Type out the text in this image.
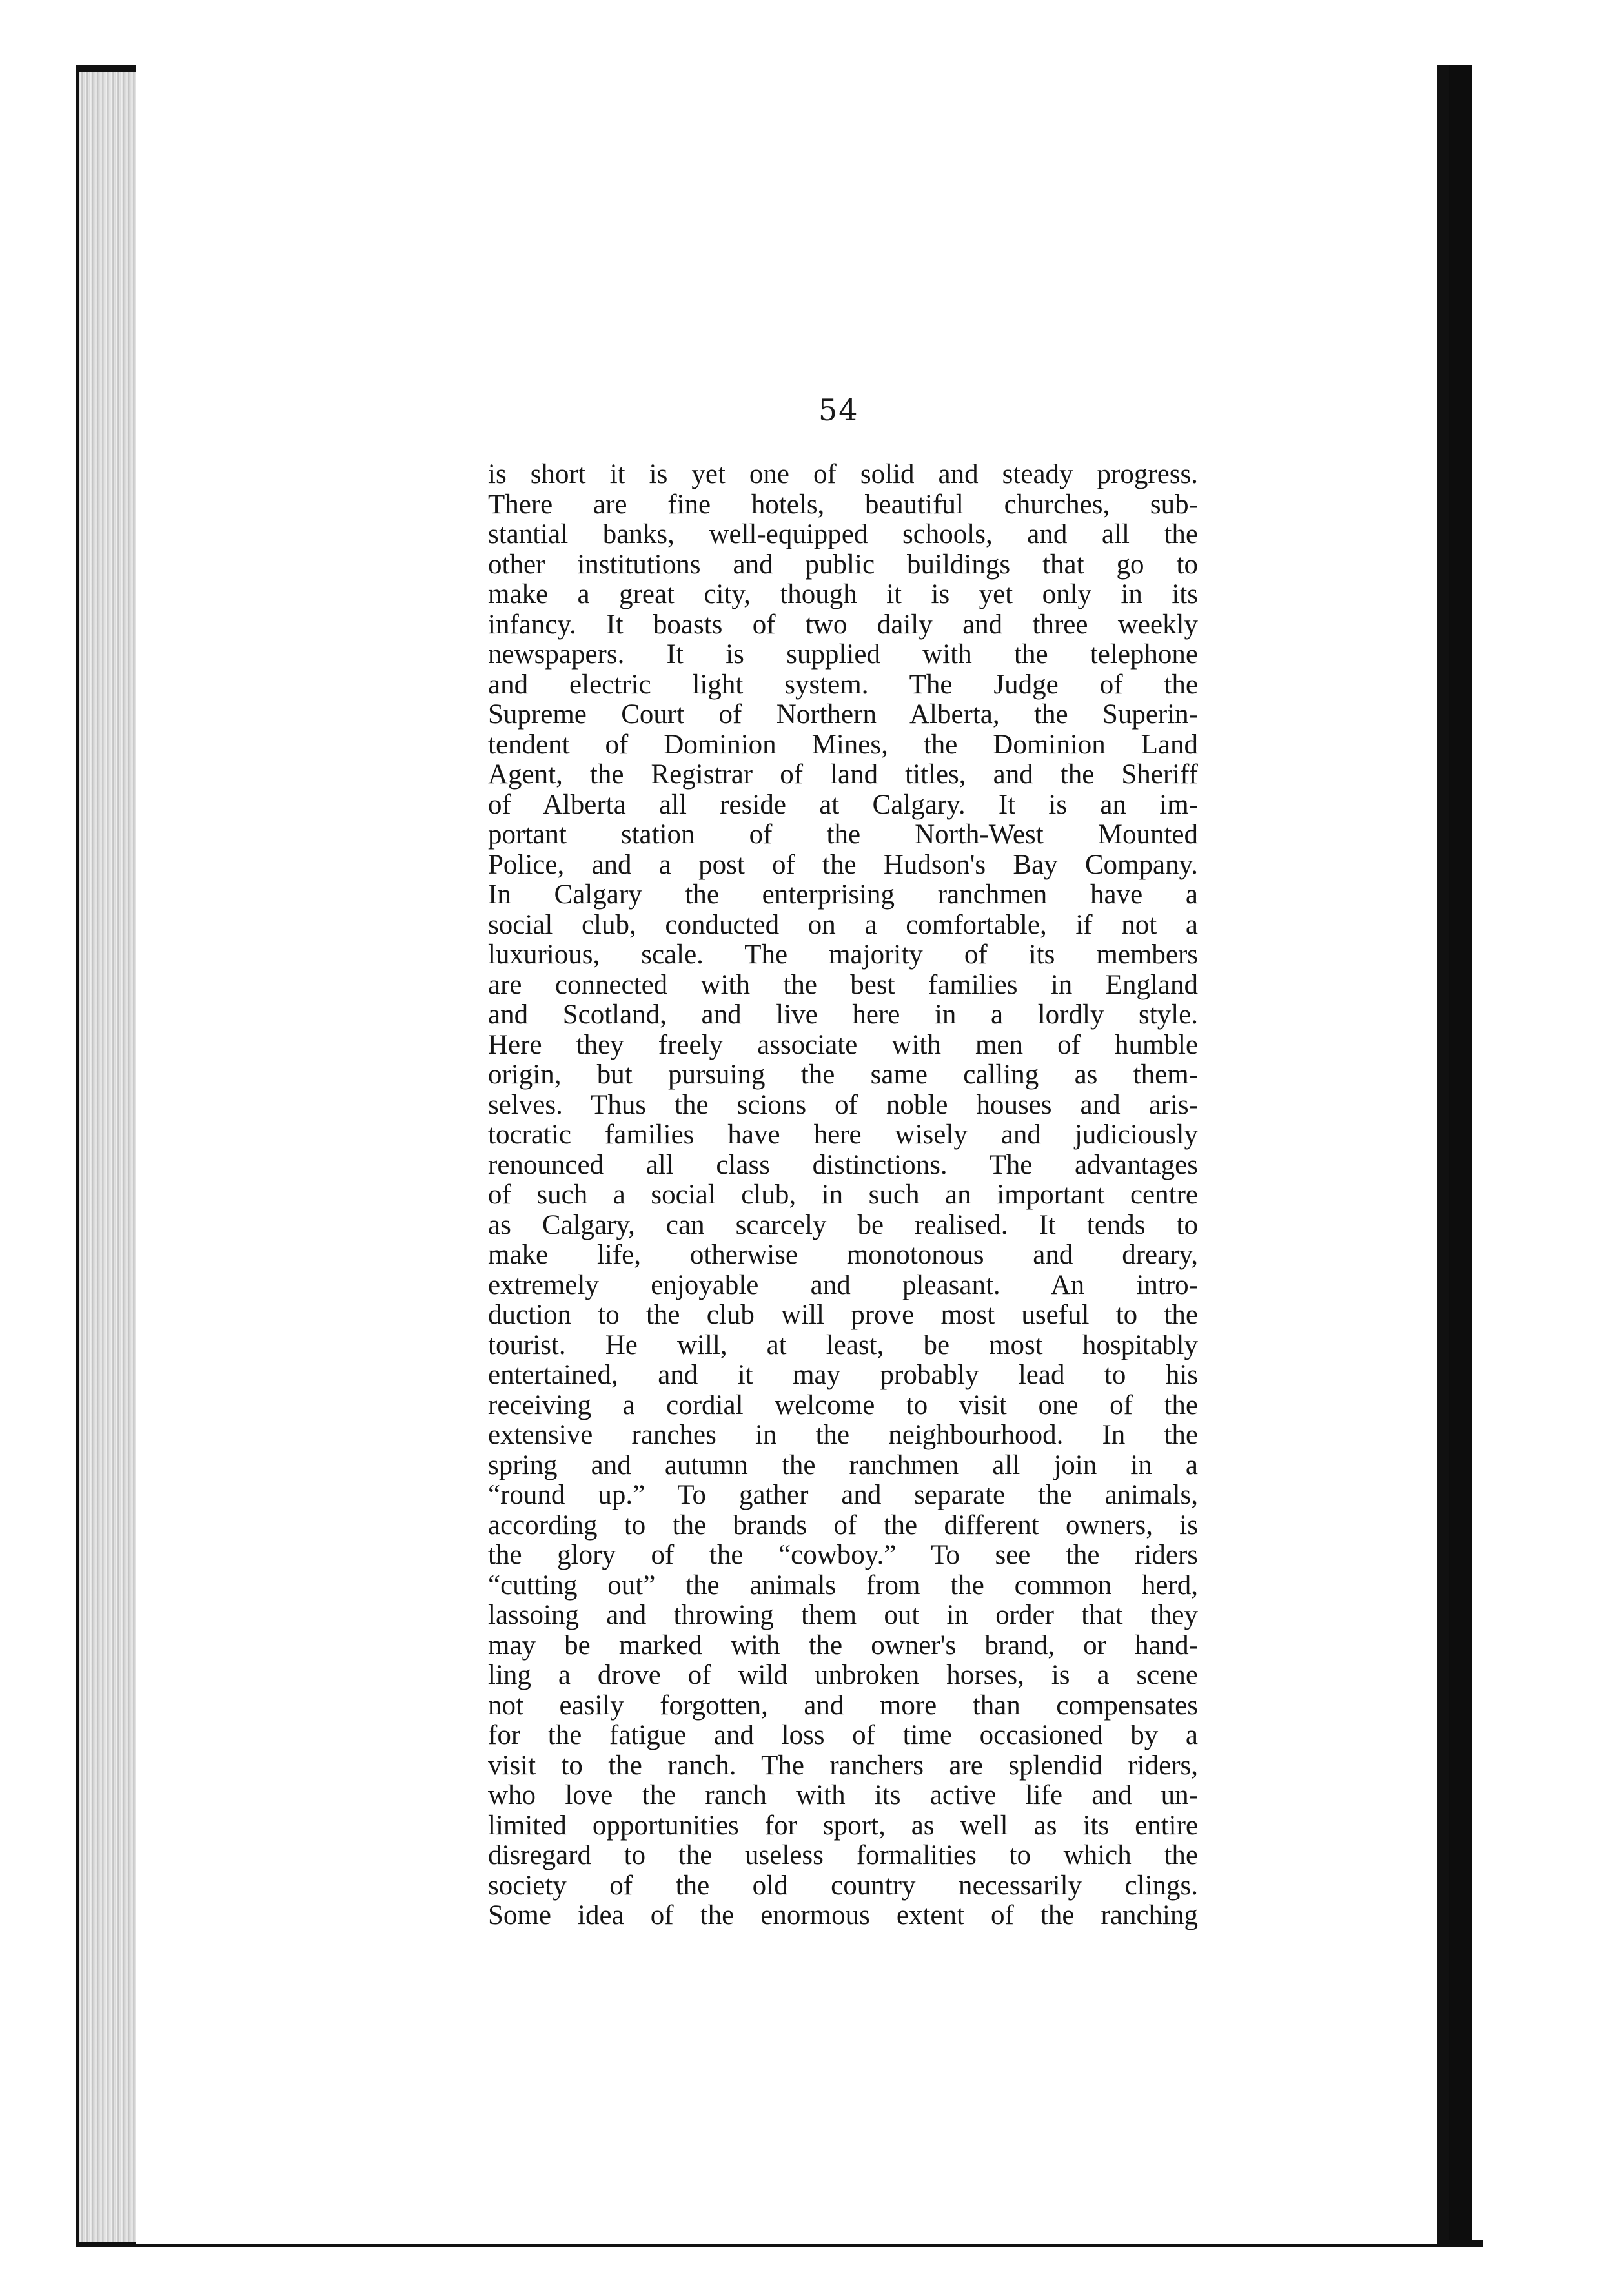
54
is short it is yet one of solid and steady progress.
There are fine hotels, beautiful churches, sub-
stantial banks, well-equipped schools, and all the
other institutions and public buildings that go to
make a great city, though it is yet only in its
infancy. It boasts of two daily and three weekly
newspapers. It is supplied with the telephone
and electric light system. The Judge of the
Supreme Court of Northern Alberta, the Superin-
tendent of Dominion Mines, the Dominion Land
Agent, the Registrar of land titles, and the Sheriff
of Alberta all reside at Calgary. It is an im-
portant station of the North-West Mounted
Police, and a post of the Hudson's Bay Company.
In Calgary the enterprising ranchmen have a
social club, conducted on a comfortable, if not a
luxurious, scale. The majority of its members
are connected with the best families in England
and Scotland, and live here in a lordly style.
Here they freely associate with men of humble
origin, but pursuing the same calling as them-
selves. Thus the scions of noble houses and aris-
tocratic families have here wisely and judiciously
renounced all class distinctions. The advantages
of such a social club, in such an important centre
as Calgary, can scarcely be realised. It tends to
make life, otherwise monotonous and dreary,
extremely enjoyable and pleasant. An intro-
duction to the club will prove most useful to the
tourist. He will, at least, be most hospitably
entertained, and it may probably lead to his
receiving a cordial welcome to visit one of the
extensive ranches in the neighbourhood. In the
spring and autumn the ranchmen all join in a
“round up.” To gather and separate the animals,
according to the brands of the different owners, is
the glory of the “cowboy.” To see the riders
“cutting out” the animals from the common herd,
lassoing and throwing them out in order that they
may be marked with the owner's brand, or hand-
ling a drove of wild unbroken horses, is a scene
not easily forgotten, and more than compensates
for the fatigue and loss of time occasioned by a
visit to the ranch. The ranchers are splendid riders,
who love the ranch with its active life and un-
limited opportunities for sport, as well as its entire
disregard to the useless formalities to which the
society of the old country necessarily clings.
Some idea of the enormous extent of the ranching
